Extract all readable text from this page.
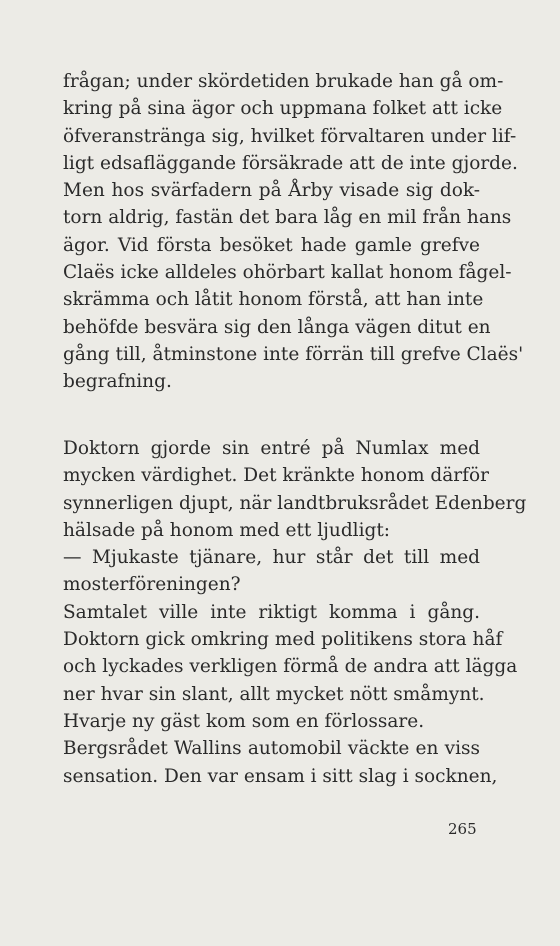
frågan; under skördetiden brukade han gå om-
kring på sina ägor och uppmana folket att icke
öfveranstränga sig, hvilket förvaltaren under lif-
ligt edsafläggande försäkrade att de inte gjorde.
Men hos svärfadern på Årby visade sig dok-
torn aldrig, fastän det bara låg en mil från hans
ägor. Vid första besöket hade gamle grefve
Claës icke alldeles ohörbart kallat honom fågel-
skrämma och låtit honom förstå, att han inte
behöfde besvära sig den långa vägen ditut en
gång till, åtminstone inte förrän till grefve Claës'
begrafning.
Doktorn gjorde sin entré på Numlax med
mycken värdighet. Det kränkte honom därför
synnerligen djupt, när landtbruksrådet Edenberg
hälsade på honom med ett ljudligt:
— Mjukaste tjänare, hur står det till med
mosterföreningen?
Samtalet ville inte riktigt komma i gång.
Doktorn gick omkring med politikens stora håf
och lyckades verkligen förmå de andra att lägga
ner hvar sin slant, allt mycket nött småmynt.
Hvarje ny gäst kom som en förlossare.
Bergsrådet Wallins automobil väckte en viss
sensation. Den var ensam i sitt slag i socknen,
265
